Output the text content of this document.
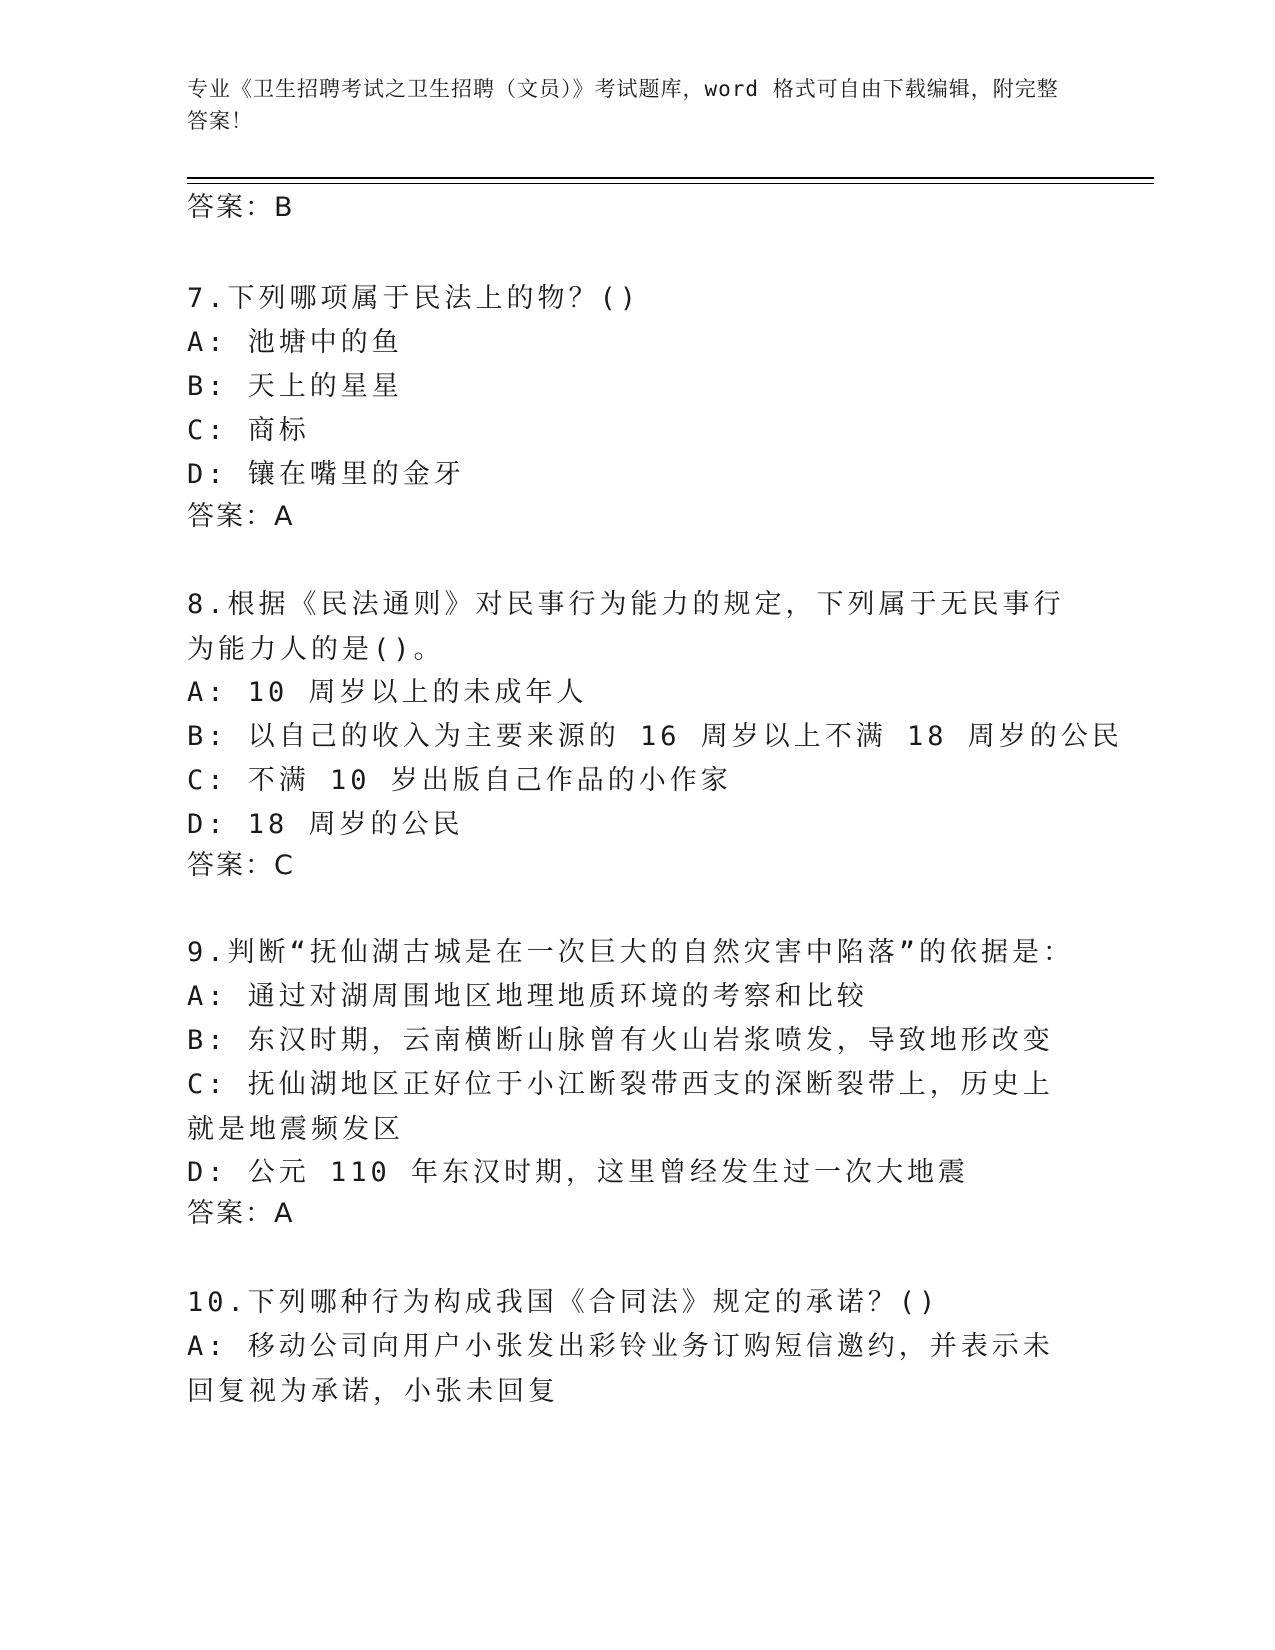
专业《卫生招聘考试之卫生招聘（文员）》考试题库，word 格式可自由下载编辑，附完整答案！
答案：B
7.下列哪项属于民法上的物？()
A: 池塘中的鱼
B: 天上的星星
C: 商标
D: 镶在嘴里的金牙
答案：A
8.根据《民法通则》对民事行为能力的规定，下列属于无民事行为能力人的是()。
A: 10 周岁以上的未成年人
B: 以自己的收入为主要来源的 16 周岁以上不满 18 周岁的公民
C: 不满 10 岁出版自己作品的小作家
D: 18 周岁的公民
答案：C
9.判断“抚仙湖古城是在一次巨大的自然灾害中陷落”的依据是：
A: 通过对湖周围地区地理地质环境的考察和比较
B: 东汉时期，云南横断山脉曾有火山岩浆喷发，导致地形改变
C: 抚仙湖地区正好位于小江断裂带西支的深断裂带上，历史上就是地震频发区
D: 公元 110 年东汉时期，这里曾经发生过一次大地震
答案：A
10.下列哪种行为构成我国《合同法》规定的承诺？()
A: 移动公司向用户小张发出彩铃业务订购短信邀约，并表示未回复视为承诺，小张未回复
